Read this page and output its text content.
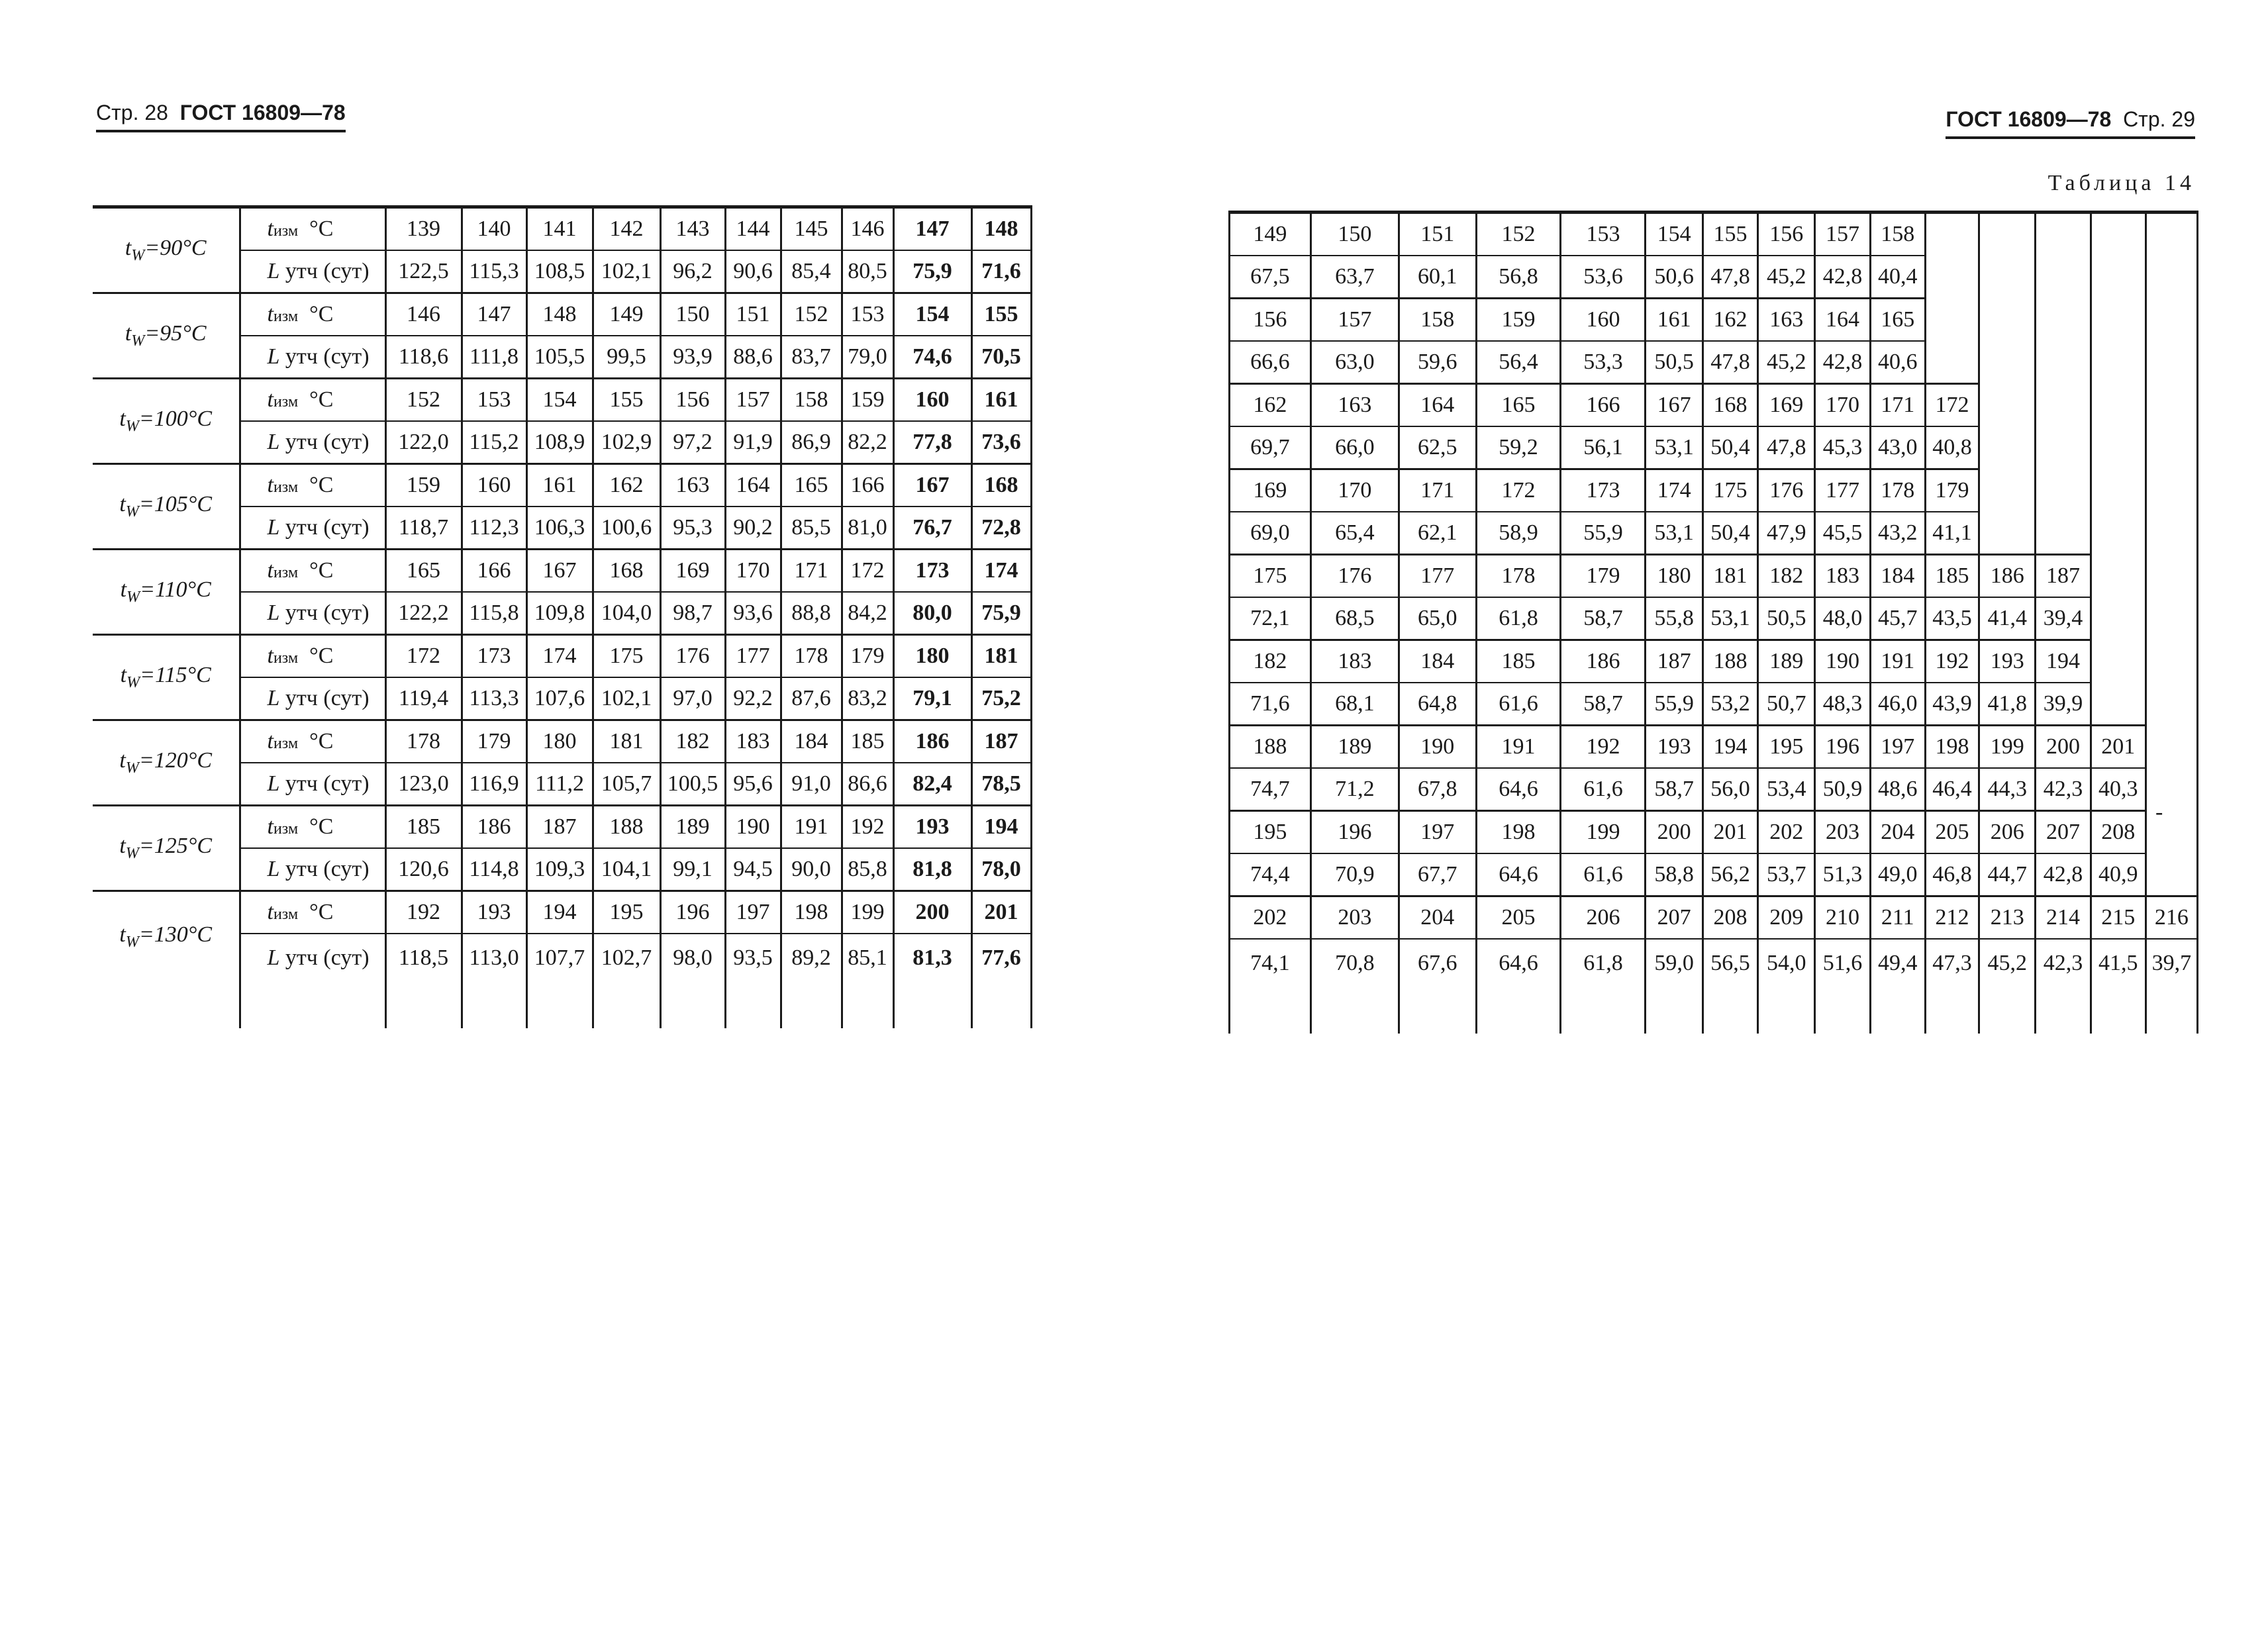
Стр. 28 ГОСТ 16809—78	ГОСТ 16809—78 Стр. 29
Таблица 14
$t_W=90^\circ C$	tизм °C	139	140	141	142	143	144	145	146	147	148
	L утч (сут)	122,5	115,3	108,5	102,1	96,2	90,6	85,4	80,5	75,9	71,6
$t_W=95^\circ C$	tизм °C	146	147	148	149	150	151	152	153	154	155
	L утч (сут)	118,6	111,8	105,5	99,5	93,9	88,6	83,7	79,0	74,6	70,5
$t_W=100^\circ C$	tизм °C	152	153	154	155	156	157	158	159	160	161
	L утч (сут)	122,0	115,2	108,9	102,9	97,2	91,9	86,9	82,2	77,8	73,6
$t_W=105^\circ C$	tизм °C	159	160	161	162	163	164	165	166	167	168
	L утч (сут)	118,7	112,3	106,3	100,6	95,3	90,2	85,5	81,0	76,7	72,8
$t_W=110^\circ C$	tизм °C	165	166	167	168	169	170	171	172	173	174
	L утч (сут)	122,2	115,8	109,8	104,0	98,7	93,6	88,8	84,2	80,0	75,9
$t_W=115^\circ C$	tизм °C	172	173	174	175	176	177	178	179	180	181
	L утч (сут)	119,4	113,3	107,6	102,1	97,0	92,2	87,6	83,2	79,1	75,2
$t_W=120^\circ C$	tизм °C	178	179	180	181	182	183	184	185	186	187
	L утч (сут)	123,0	116,9	111,2	105,7	100,5	95,6	91,0	86,6	82,4	78,5
$t_W=125^\circ C$	tизм °C	185	186	187	188	189	190	191	192	193	194
	L утч (сут)	120,6	114,8	109,3	104,1	99,1	94,5	90,0	85,8	81,8	78,0
$t_W=130^\circ C$	tизм °C	192	193	194	195	196	197	198	199	200	201
	L утч (сут)	118,5	113,0	107,7	102,7	98,0	93,5	89,2	85,1	81,3	77,6

149	150	151	152	153	154	155	156	157	158					
67,5	63,7	60,1	56,8	53,6	50,6	47,8	45,2	42,8	40,4					
156	157	158	159	160	161	162	163	164	165					
66,6	63,0	59,6	56,4	53,3	50,5	47,8	45,2	42,8	40,6					
162	163	164	165	166	167	168	169	170	171	172				
69,7	66,0	62,5	59,2	56,1	53,1	50,4	47,8	45,3	43,0	40,8				
169	170	171	172	173	174	175	176	177	178	179				
69,0	65,4	62,1	58,9	55,9	53,1	50,4	47,9	45,5	43,2	41,1				
175	176	177	178	179	180	181	182	183	184	185	186	187		
72,1	68,5	65,0	61,8	58,7	55,8	53,1	50,5	48,0	45,7	43,5	41,4	39,4		
182	183	184	185	186	187	188	189	190	191	192	193	194		
71,6	68,1	64,8	61,6	58,7	55,9	53,2	50,7	48,3	46,0	43,9	41,8	39,9		
188	189	190	191	192	193	194	195	196	197	198	199	200	201	
74,7	71,2	67,8	64,6	61,6	58,7	56,0	53,4	50,9	48,6	46,4	44,3	42,3	40,3	
195	196	197	198	199	200	201	202	203	204	205	206	207	208	
74,4	70,9	67,7	64,6	61,6	58,8	56,2	53,7	51,3	49,0	46,8	44,7	42,8	40,9	
202	203	204	205	206	207	208	209	210	211	212	213	214	215	216
74,1	70,8	67,6	64,6	61,8	59,0	56,5	54,0	51,6	49,4	47,3	45,2	42,3	41,5	39,7

-
